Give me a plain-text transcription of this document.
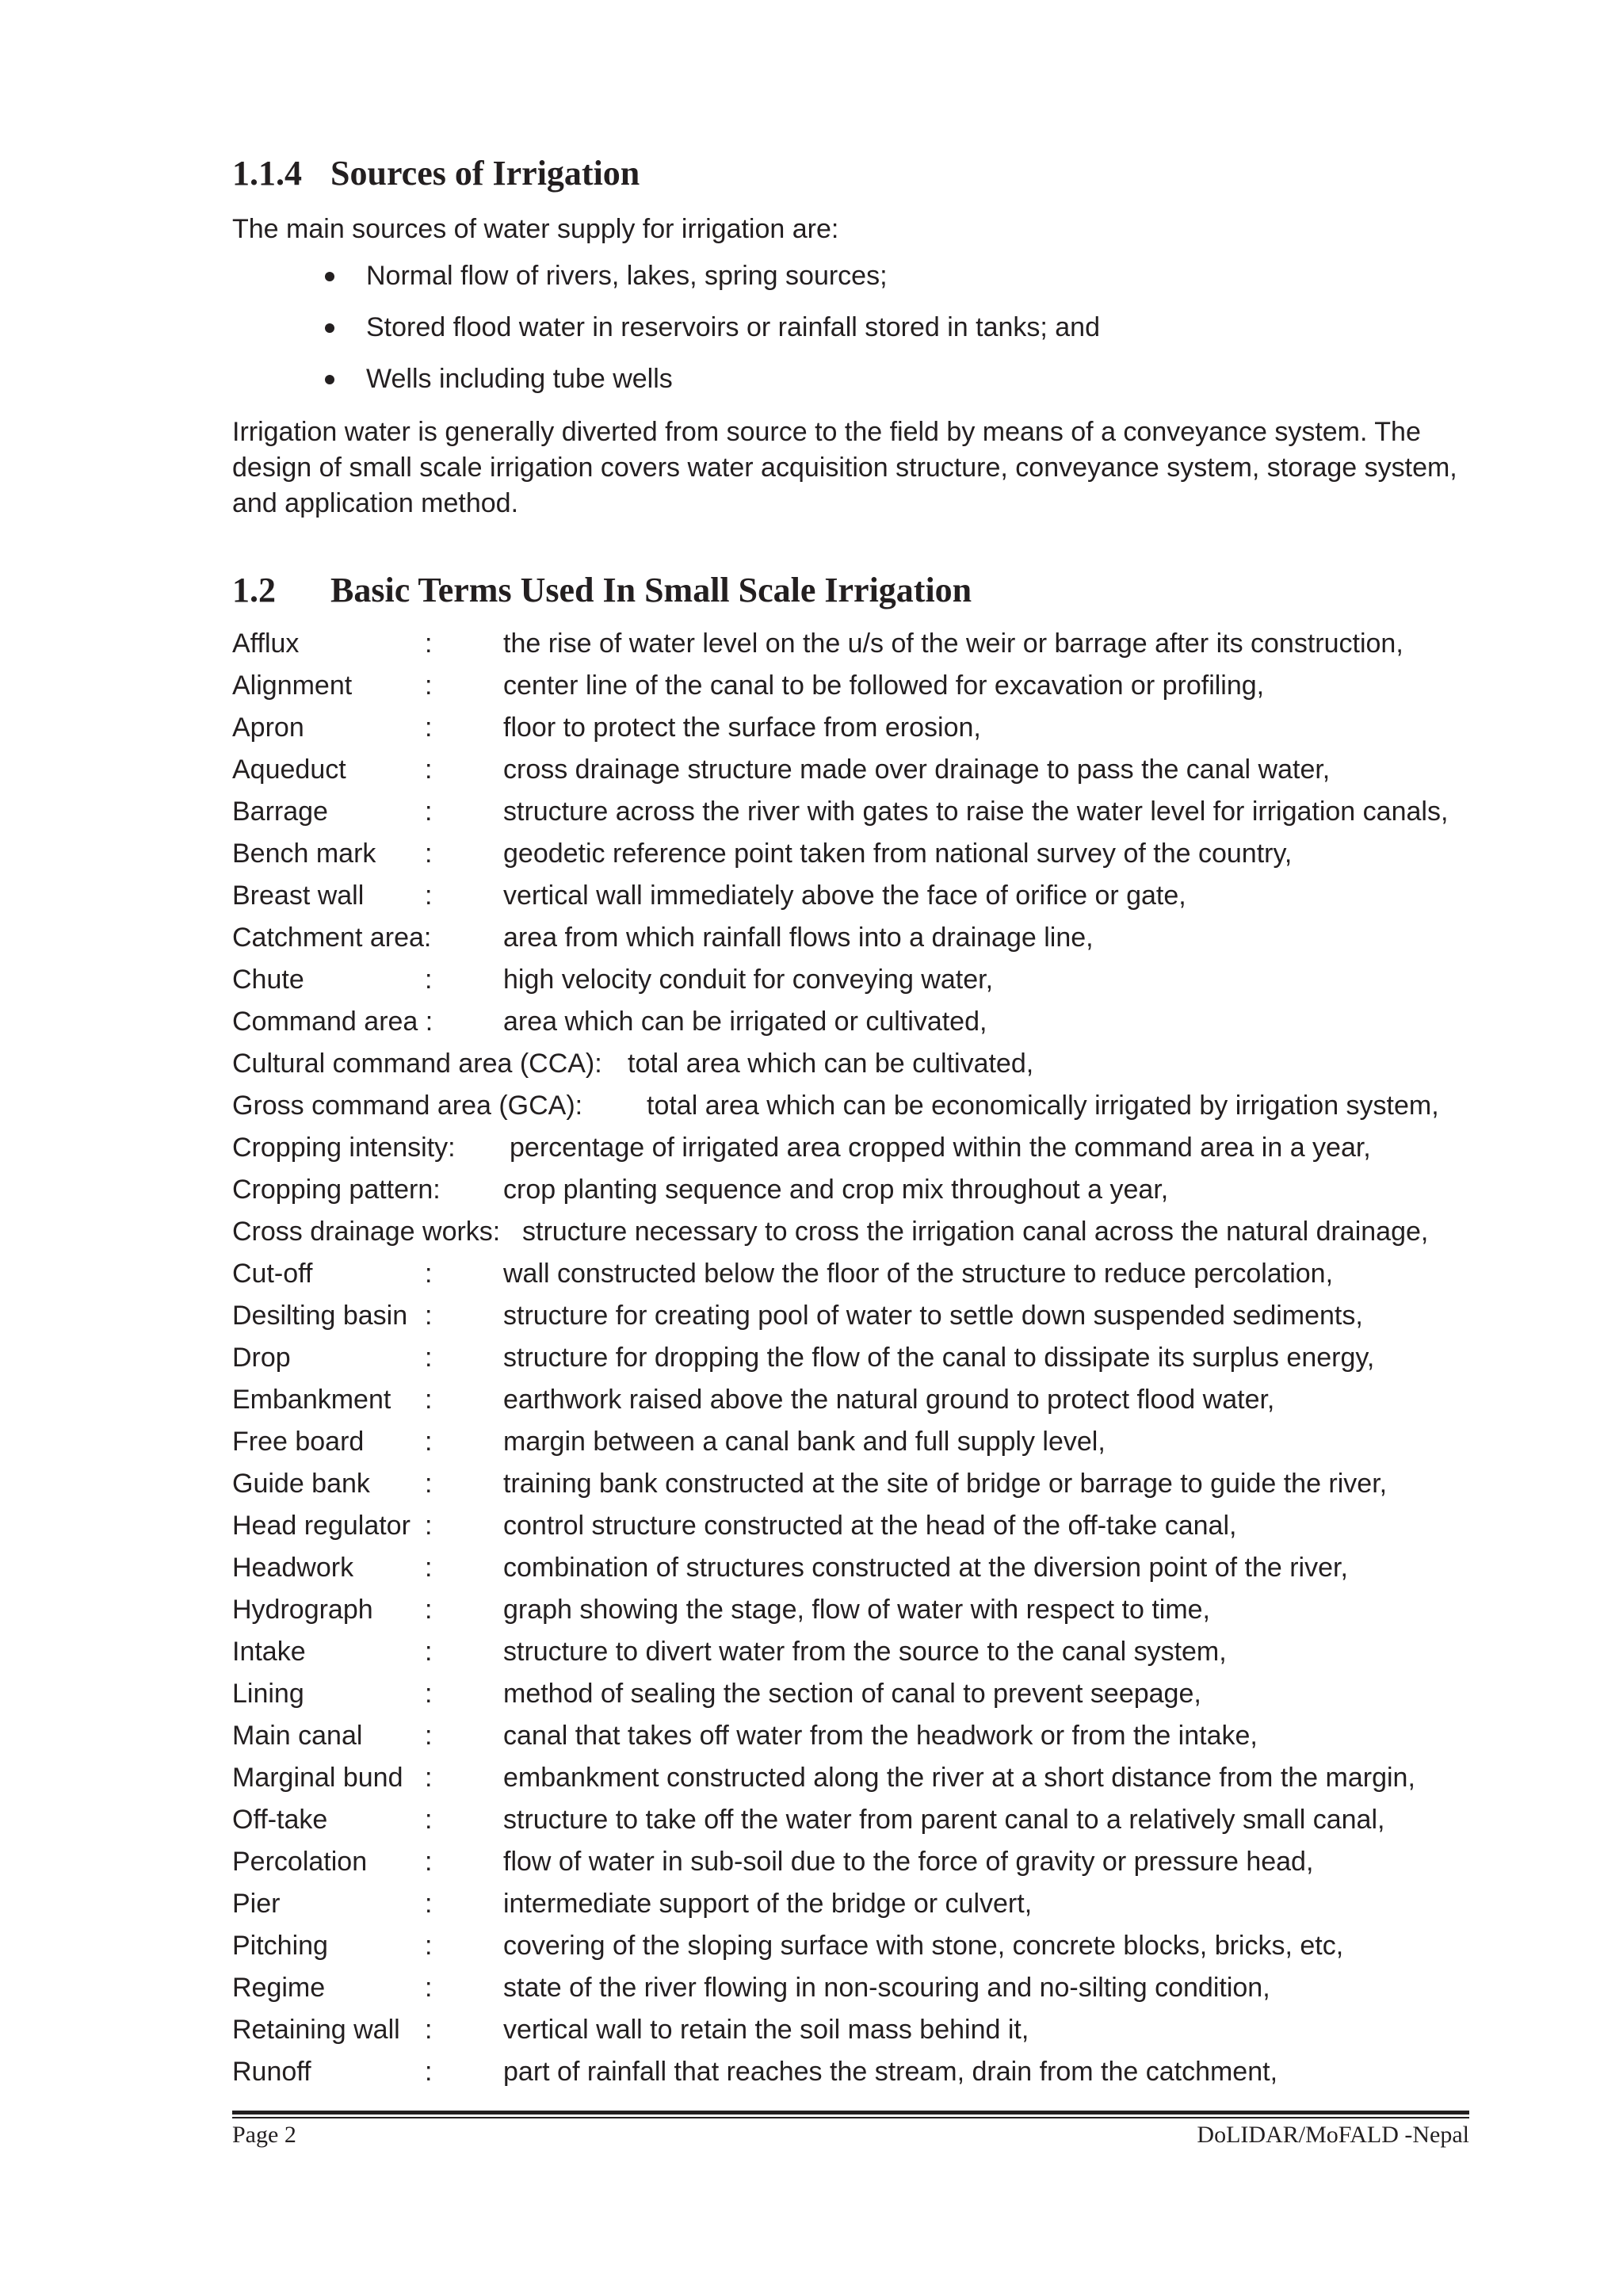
1.1.4 Sources of Irrigation

The main sources of water supply for irrigation are:

Normal flow of rivers, lakes, spring sources;
Stored flood water in reservoirs or rainfall stored in tanks; and
Wells including tube wells

Irrigation water is generally diverted from source to the field by means of a conveyance system. The design of small scale irrigation covers water acquisition structure, conveyance system, storage system, and application method.

1.2 Basic Terms Used In Small Scale Irrigation
Afflux	:	the rise of water level on the u/s of the weir or barrage after its construction,
Alignment	:	center line of the canal to be followed for excavation or profiling,
Apron	:	floor to protect the surface from erosion,
Aqueduct	:	cross drainage structure made over drainage to pass the canal water,
Barrage	:	structure across the river with gates to raise the water level for irrigation canals,
Bench mark :	geodetic reference point taken from national survey of the country,
Breast wall :	vertical wall immediately above the face of orifice or gate,
Catchment area:	area from which rainfall flows into a drainage line,
Chute	:	high velocity conduit for conveying water,
Command area :	area which can be irrigated or cultivated,
Cultural command area (CCA): total area which can be cultivated,
Gross command area (GCA): total area which can be economically irrigated by irrigation system,
Cropping intensity: percentage of irrigated area cropped within the command area in a year,
Cropping pattern: crop planting sequence and crop mix throughout a year,
Cross drainage works: structure necessary to cross the irrigation canal across the natural drainage,
Cut-off	:	wall constructed below the floor of the structure to reduce percolation,
Desilting basin :	structure for creating pool of water to settle down suspended sediments,
Drop	:	structure for dropping the flow of the canal to dissipate its surplus energy,
Embankment :	earthwork raised above the natural ground to protect flood water,
Free board :	margin between a canal bank and full supply level,
Guide bank :	training bank constructed at the site of bridge or barrage to guide the river,
Head regulator :	control structure constructed at the head of the off-take canal,
Headwork	:	combination of structures constructed at the diversion point of the river,
Hydrograph :	graph showing the stage, flow of water with respect to time,
Intake	:	structure to divert water from the source to the canal system,
Lining	:	method of sealing the section of canal to prevent seepage,
Main canal :	canal that takes off water from the headwork or from the intake,
Marginal bund :	embankment constructed along the river at a short distance from the margin,
Off-take	:	structure to take off the water from parent canal to a relatively small canal,
Percolation :	flow of water in sub-soil due to the force of gravity or pressure head,
Pier	:	intermediate support of the bridge or culvert,
Pitching	:	covering of the sloping surface with stone, concrete blocks, bricks, etc,
Regime	:	state of the river flowing in non-scouring and no-silting condition,
Retaining wall :	vertical wall to retain the soil mass behind it,
Runoff	:	part of rainfall that reaches the stream, drain from the catchment,
Page 2	DoLIDAR/MoFALD -Nepal
